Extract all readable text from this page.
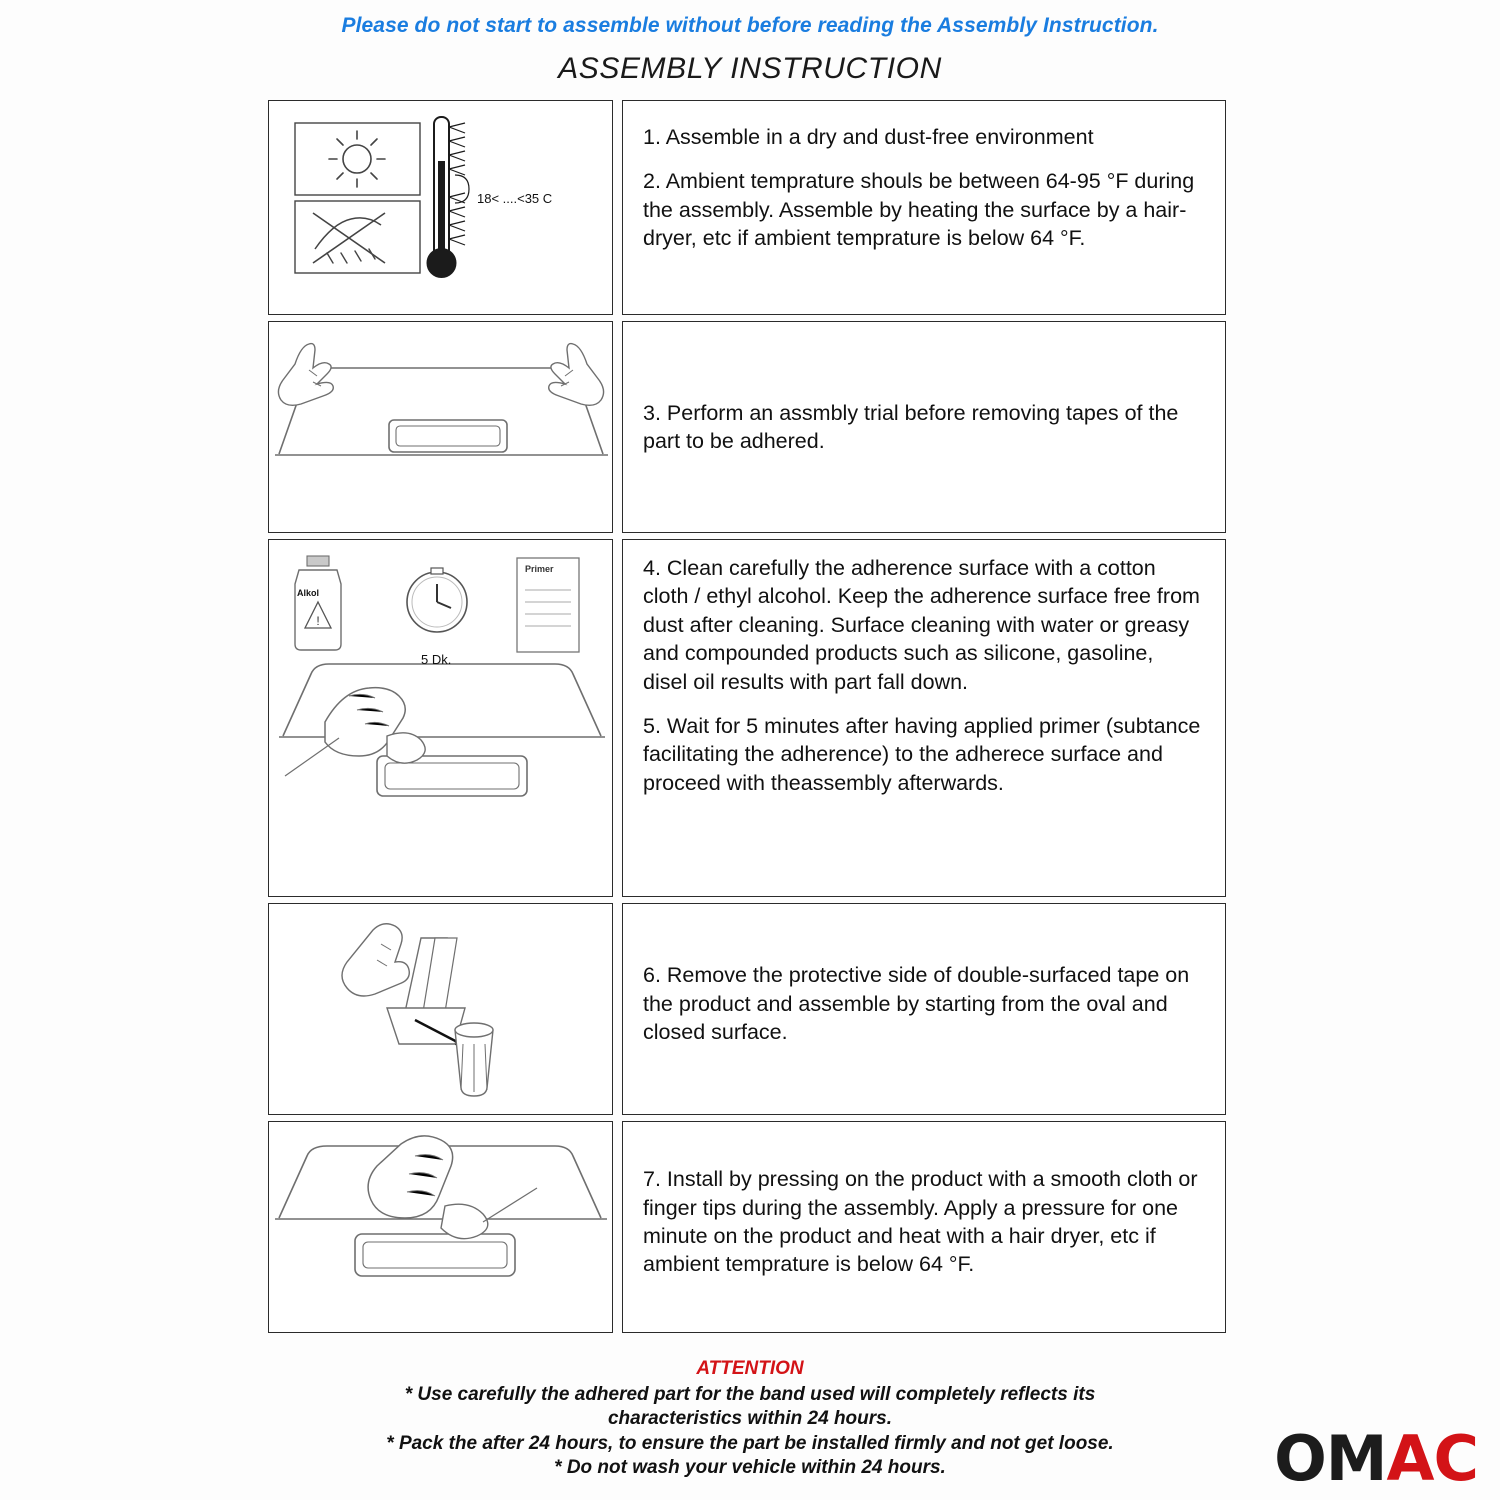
Please do not start to assemble without before reading the Assembly Instruction.
ASSEMBLY INSTRUCTION
18< ....<35 C

1. Assemble in a dry and dust-free environment

2. Ambient temprature shouls be between 64-95 °F during the assembly. Assemble by heating the surface by a hair-dryer, etc if ambient temprature is below 64 °F.

3. Perform an assmbly trial before removing tapes of the part to be adhered.

!
5 Dk.
Alkol
Primer	4. Clean carefully the adherence surface with a cotton cloth / ethyl alcohol. Keep the adherence surface free from dust after cleaning. Surface cleaning with water or greasy and compounded products such as silicone, gasoline, disel oil results with part fall down.

5. Wait for 5 minutes after having applied primer (subtance facilitating the adherence) to the adherece surface and proceed with theassembly afterwards.

6. Remove the protective side of double-surfaced tape on the product and assemble by starting from the oval and closed surface.

7. Install by pressing on the product with a smooth cloth or finger tips during the assembly. Apply a pressure for one minute on the product and heat with a hair dryer, etc if ambient temprature is below 64 °F.

ATTENTION
* Use carefully the adhered part for the band used will completely reflects its
characteristics within 24 hours.
* Pack the after 24 hours, to ensure the part be installed firmly and not get loose.
* Do not wash your vehicle within 24 hours.	OMAC
